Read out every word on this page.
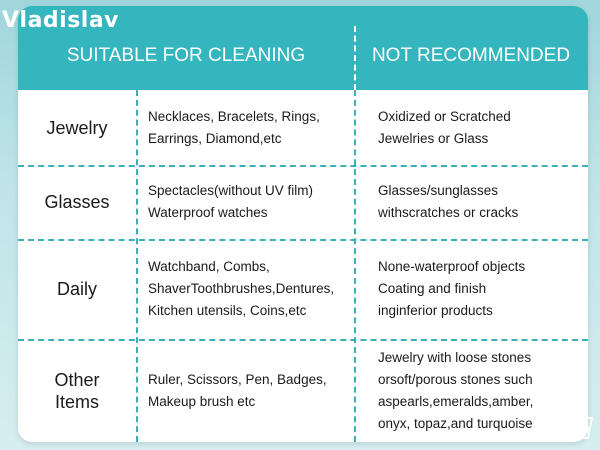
Vladislav
SUITABLE FOR CLEANING	NOT RECOMMENDED FOR
Jewelry
Necklaces, Bracelets, Rings,
Earrings, Diamond,etc
Oxidized or Scratched
Jewelries or Glass
Glasses
Spectacles(without UV film)
Waterproof watches
Glasses/sunglasses
withscratches or cracks
Daily
Watchband, Combs,
ShaverToothbrushes,Dentures,
Kitchen utensils, Coins,etc
None-waterproof objects
Coating and finish
inginferior products
Other
Items
Ruler, Scissors, Pen, Badges,
Makeup brush etc
Jewelry with loose stones
orsoft/porous stones such
aspearls,emeralds,amber,
onyx, topaz,and turquoise BAZAR
